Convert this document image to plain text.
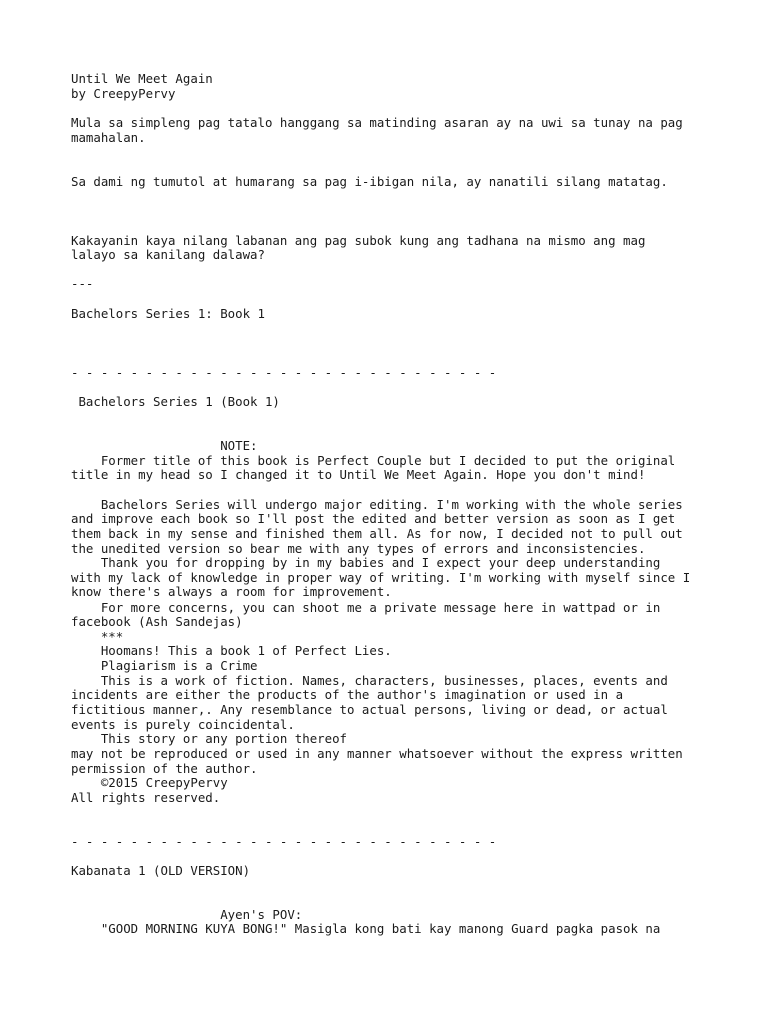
Until We Meet Again

by CreepyPervy

Mula sa simpleng pag tatalo hanggang sa matinding asaran ay na uwi sa tunay na pag

mamahalan.

Sa dami ng tumutol at humarang sa pag i-ibigan nila, ay nanatili silang matatag.

Kakayanin kaya nilang labanan ang pag subok kung ang tadhana na mismo ang mag

lalayo sa kanilang dalawa?

---

Bachelors Series 1: Book 1

- - - - - - - - - - - - - - - - - - - - - - - - - - - - -

Bachelors Series 1 (Book 1)

NOTE:

Former title of this book is Perfect Couple but I decided to put the original

title in my head so I changed it to Until We Meet Again. Hope you don't mind!

Bachelors Series will undergo major editing. I'm working with the whole series

and improve each book so I'll post the edited and better version as soon as I get

them back in my sense and finished them all. As for now, I decided not to pull out

the unedited version so bear me with any types of errors and inconsistencies.

Thank you for dropping by in my babies and I expect your deep understanding

with my lack of knowledge in proper way of writing. I'm working with myself since I

know there's always a room for improvement.

For more concerns, you can shoot me a private message here in wattpad or in

facebook (Ash Sandejas)

***

Hoomans! This a book 1 of Perfect Lies.

Plagiarism is a Crime

This is a work of fiction. Names, characters, businesses, places, events and

incidents are either the products of the author's imagination or used in a

fictitious manner,. Any resemblance to actual persons, living or dead, or actual

events is purely coincidental.

This story or any portion thereof

may not be reproduced or used in any manner whatsoever without the express written

permission of the author.

©2015 CreepyPervy

All rights reserved.

- - - - - - - - - - - - - - - - - - - - - - - - - - - - -

Kabanata 1 (OLD VERSION)

Ayen's POV:

"GOOD MORNING KUYA BONG!" Masigla kong bati kay manong Guard pagka pasok na
